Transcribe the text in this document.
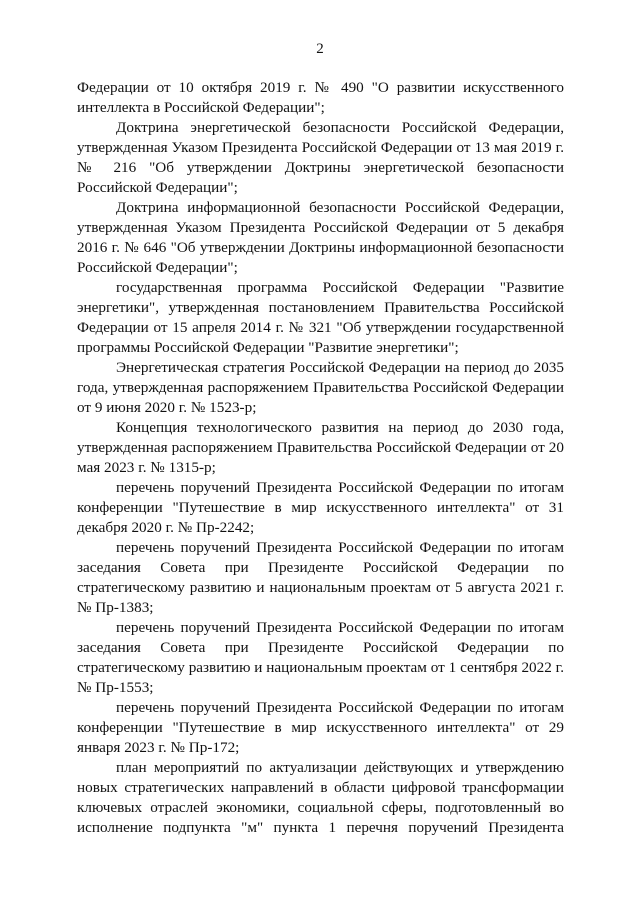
2

Федерации от 10 октября 2019 г. № 490 "О развитии искусственного интеллекта в Российской Федерации";

Доктрина энергетической безопасности Российской Федерации, утвержденная Указом Президента Российской Федерации от 13 мая 2019 г. № 216 "Об утверждении Доктрины энергетической безопасности Российской Федерации";

Доктрина информационной безопасности Российской Федерации, утвержденная Указом Президента Российской Федерации от 5 декабря 2016 г. № 646 "Об утверждении Доктрины информационной безопасности Российской Федерации";

государственная программа Российской Федерации "Развитие энергетики", утвержденная постановлением Правительства Российской Федерации от 15 апреля 2014 г. № 321 "Об утверждении государственной программы Российской Федерации "Развитие энергетики";

Энергетическая стратегия Российской Федерации на период до 2035 года, утвержденная распоряжением Правительства Российской Федерации от 9 июня 2020 г. № 1523-р;

Концепция технологического развития на период до 2030 года, утвержденная распоряжением Правительства Российской Федерации от 20 мая 2023 г. № 1315-р;

перечень поручений Президента Российской Федерации по итогам конференции "Путешествие в мир искусственного интеллекта" от 31 декабря 2020 г. № Пр-2242;

перечень поручений Президента Российской Федерации по итогам заседания Совета при Президенте Российской Федерации по стратегическому развитию и национальным проектам от 5 августа 2021 г. № Пр-1383;

перечень поручений Президента Российской Федерации по итогам заседания Совета при Президенте Российской Федерации по стратегическому развитию и национальным проектам от 1 сентября 2022 г. № Пр-1553;

перечень поручений Президента Российской Федерации по итогам конференции "Путешествие в мир искусственного интеллекта" от 29 января 2023 г. № Пр-172;

план мероприятий по актуализации действующих и утверждению новых стратегических направлений в области цифровой трансформации ключевых отраслей экономики, социальной сферы, подготовленный во исполнение подпункта "м" пункта 1 перечня поручений Президента
